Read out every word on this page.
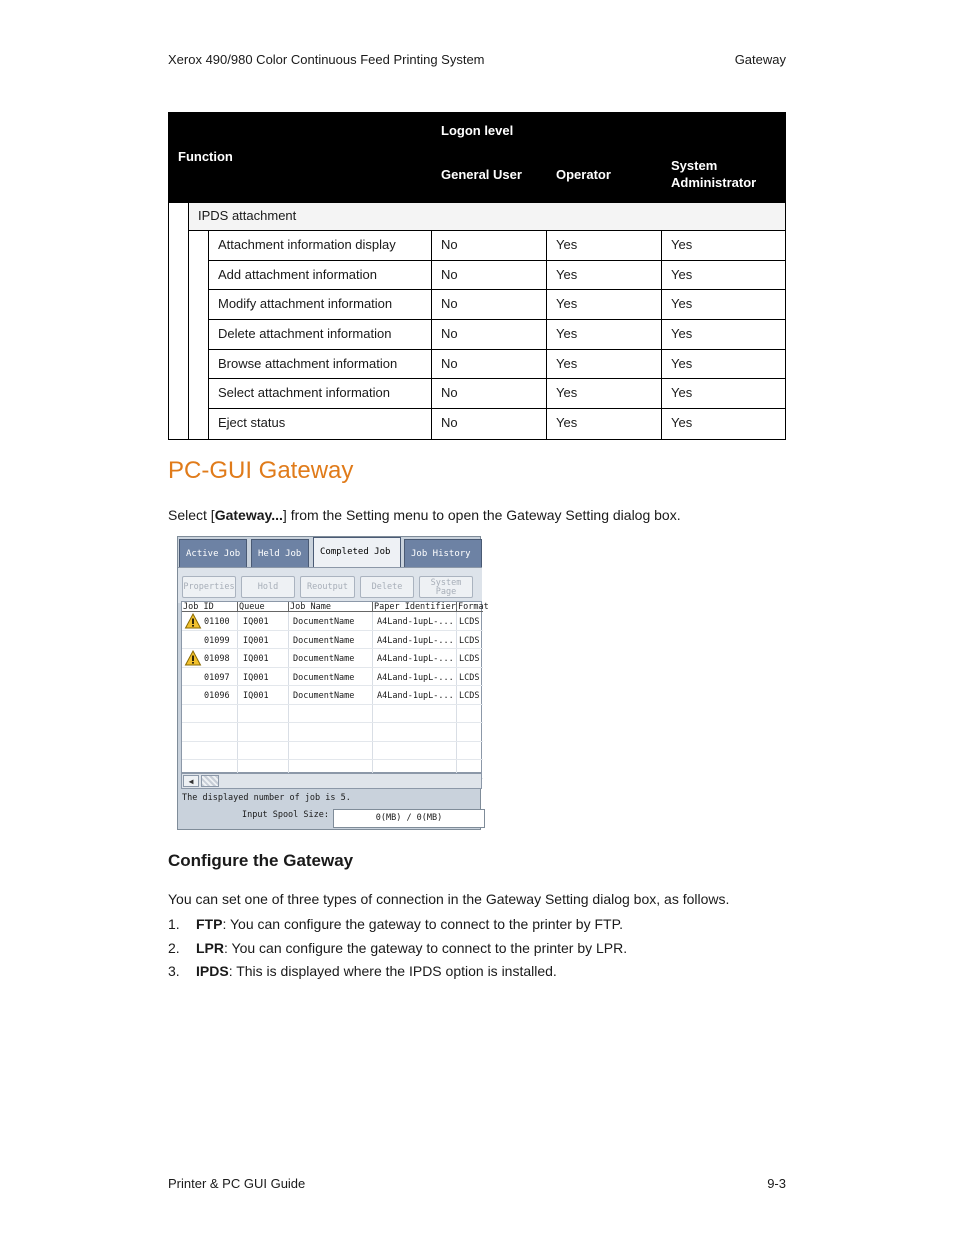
Xerox 490/980 Color Continuous Feed Printing System	Gateway
Function
Logon level
General User	Operator
System Administrator
IPDS attachment
Attachment information display	No	Yes	Yes
Add attachment information	No	Yes	Yes
Modify attachment information	No	Yes	Yes
Delete attachment information	No	Yes	Yes
Browse attachment information	No	Yes	Yes
Select attachment information	No	Yes	Yes
Eject status	No	Yes	Yes
PC-GUI Gateway

Select [Gateway...] from the Setting menu to open the Gateway Setting dialog box.

Active Job	Held Job	Completed Job	Job History
Properties	Hold	Reoutput	Delete	System Page
Job ID	Queue	Job Name	Paper Identifier Format
01100 IQ001	DocumentName	A4Land-1upL-... LCDS
01099 IQ001	DocumentName	A4Land-1upL-... LCDS
01098 IQ001	DocumentName	A4Land-1upL-... LCDS
01097 IQ001	DocumentName	A4Land-1upL-... LCDS
01096 IQ001	DocumentName	A4Land-1upL-... LCDS
◀
The displayed number of job is 5.
Input Spool Size:	0(MB) / 0(MB)
Configure the Gateway

You can set one of three types of connection in the Gateway Setting dialog box, as follows.

1. FTP: You can configure the gateway to connect to the printer by FTP.
2. LPR: You can configure the gateway to connect to the printer by LPR.
3. IPDS: This is displayed where the IPDS option is installed.
Printer & PC GUI Guide	9-3
